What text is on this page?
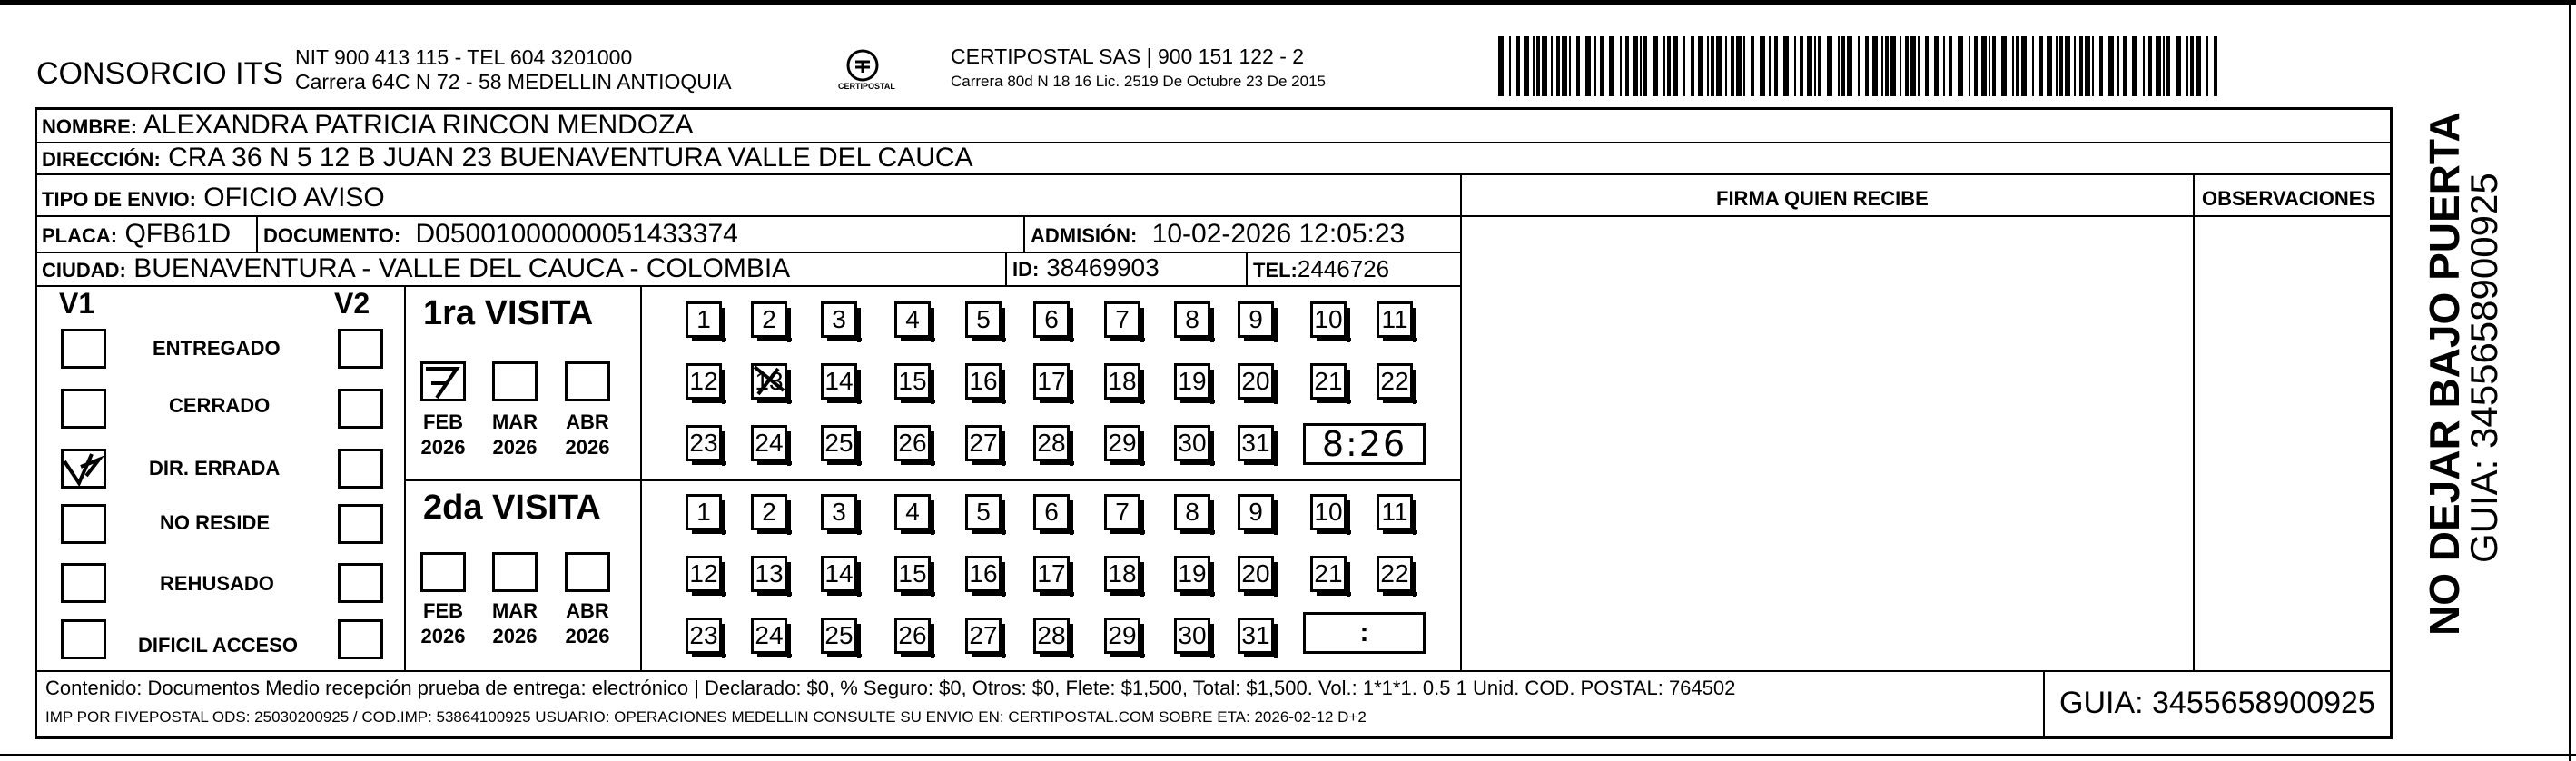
CONSORCIO ITS NIT 900 413 115 - TEL 604 3201000
Carrera 64C N 72 - 58 MEDELLIN ANTIOQUIA	CERTIPOSTAL
CERTIPOSTAL SAS | 900 151 122 - 2
Carrera 80d N 18 16 Lic. 2519 De Octubre 23 De 2015
NOMBRE: ALEXANDRA PATRICIA RINCON MENDOZA
DIRECCIÓN: CRA 36 N 5 12 B JUAN 23 BUENAVENTURA VALLE DEL CAUCA
TIPO DE ENVIO: OFICIO AVISO	FIRMA QUIEN RECIBE	OBSERVACIONES
PLACA: QFB61D DOCUMENTO: D05001000000051433374	ADMISIÓN: 10-02-2026 12:05:23
CIUDAD: BUENAVENTURA - VALLE DEL CAUCA - COLOMBIA	ID: 38469903	TEL:2446726
V1	V2
ENTREGADO
CERRADO
DIR. ERRADA
NO RESIDE
REHUSADO
DIFICIL ACCESO
1ra VISITA
FEB	MAR ABR
2026 2026 2026
2da VISITA
FEB	MAR ABR
2026 2026 2026
1 2 3 4 5 6 7 8 9 10 11
12 13 14 15 16 17 18 19 20 21 22
23 24 25 26 27 28 29 30 31
1 2 3 4 5 6 7 8 9 10 11
12 13 14 15 16 17 18 19 20 21 22
23 24 25 26 27 28 29 30 31
8:26
:
Contenido: Documentos Medio recepción prueba de entrega: electrónico | Declarado: $0, % Seguro: $0, Otros: $0, Flete: $1,500, Total: $1,500. Vol.: 1*1*1. 0.5 1 Unid. COD. POSTAL: 764502
IMP POR FIVEPOSTAL ODS: 25030200925 / COD.IMP: 53864100925 USUARIO: OPERACIONES MEDELLIN CONSULTE SU ENVIO EN: CERTIPOSTAL.COM SOBRE ETA: 2026-02-12 D+2	GUIA: 3455658900925
NO DEJAR BAJO PUERTA
GUIA: 3455658900925
